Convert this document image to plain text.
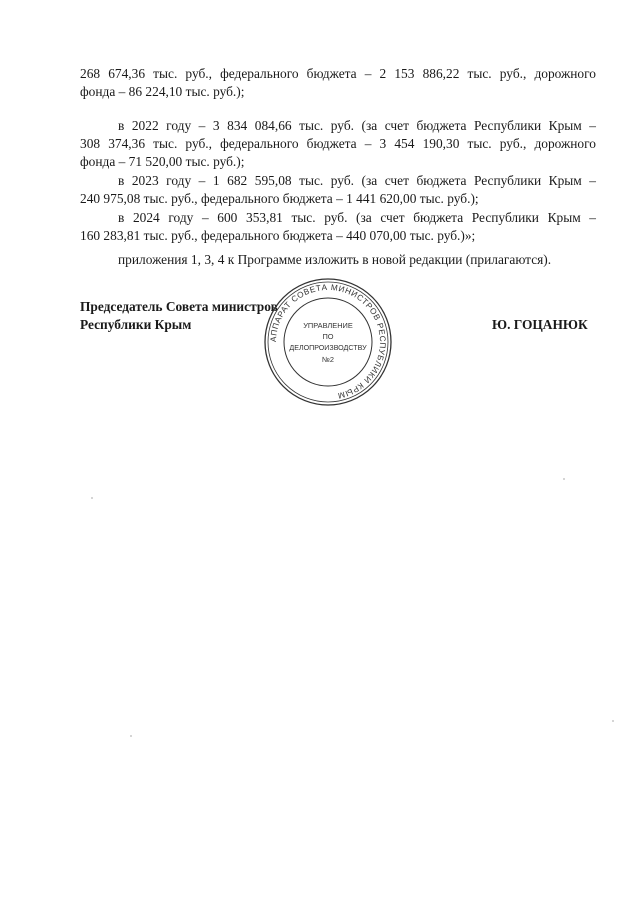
268 674,36 тыс. руб., федерального бюджета – 2 153 886,22 тыс. руб., дорожного
фонда – 86 224,10 тыс. руб.);
в 2022 году – 3 834 084,66 тыс. руб. (за счет бюджета Республики Крым –
308 374,36 тыс. руб., федерального бюджета – 3 454 190,30 тыс. руб., дорожного
фонда – 71 520,00 тыс. руб.);
в 2023 году – 1 682 595,08 тыс. руб. (за счет бюджета Республики Крым –
240 975,08 тыс. руб., федерального бюджета – 1 441 620,00 тыс. руб.);
в 2024 году – 600 353,81 тыс. руб. (за счет бюджета Республики Крым –
160 283,81 тыс. руб., федерального бюджета – 440 070,00 тыс. руб.)»;
приложения 1, 3, 4 к Программе изложить в новой редакции (прилагаются).
Председатель Совета министров
Республики Крым	Ю. ГОЦАНЮК
АППАРАТ СОВЕТА МИНИСТРОВ РЕСПУБЛИКИ КРЫМ
УПРАВЛЕНИЕ
ПО
ДЕЛОПРОИЗВОДСТВУ
№2
